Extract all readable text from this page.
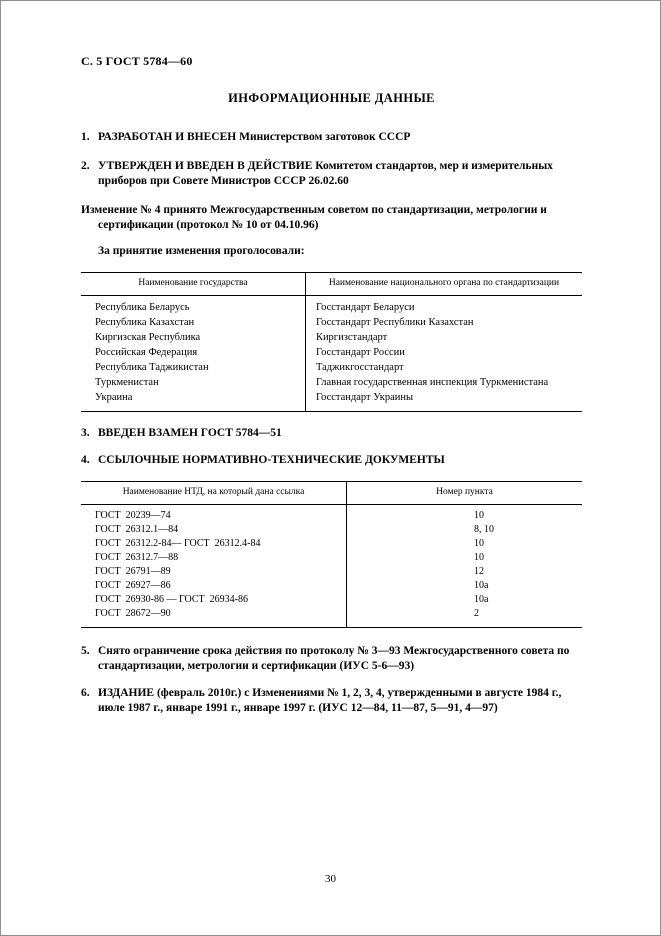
С. 5 ГОСТ 5784—60
ИНФОРМАЦИОННЫЕ ДАННЫЕ
1. РАЗРАБОТАН И ВНЕСЕН Министерством заготовок СССР
2. УТВЕРЖДЕН И ВВЕДЕН В ДЕЙСТВИЕ Комитетом стандартов, мер и измерительных приборов при Совете Министров СССР 26.02.60
Изменение № 4 принято Межгосударственным советом по стандартизации, метрологии и сертификации (протокол № 10 от 04.10.96)
За принятие изменения проголосовали:
Наименование государства	Наименование национального органа по стандартизации
Республика Беларусь	Госстандарт Беларуси
Республика Казахстан	Госстандарт Республики Казахстан
Киргизская Республика	Киргизстандарт
Российская Федерация	Госстандарт России
Республика Таджикистан	Таджикгосстандарт
Туркменистан	Главная государственная инспекция Туркменистана
Украина	Госстандарт Украины
3. ВВЕДЕН ВЗАМЕН ГОСТ 5784—51
4. ССЫЛОЧНЫЕ НОРМАТИВНО-ТЕХНИЧЕСКИЕ ДОКУМЕНТЫ
Наименование НТД, на который дана ссылка	Номер пункта
ГОСТ  20239—74	10
ГОСТ  26312.1—84	8, 10
ГОСТ  26312.2-84— ГОСТ  26312.4-84	10
ГОСТ  26312.7—88	10
ГОСТ  26791—89	12
ГОСТ  26927—86	10а
ГОСТ  26930-86 — ГОСТ  26934-86	10а
ГОСТ  28672—90	2
5. Снято ограничение срока действия по протоколу № 3—93 Межгосударственного совета по стандартизации, метрологии и сертификации (ИУС 5-6—93)
6. ИЗДАНИЕ (февраль 2010г.) с Изменениями № 1, 2, 3, 4, утвержденными в августе 1984 г., июле 1987 г., январе 1991 г., январе 1997 г. (ИУС 12—84, 11—87, 5—91, 4—97)
30
